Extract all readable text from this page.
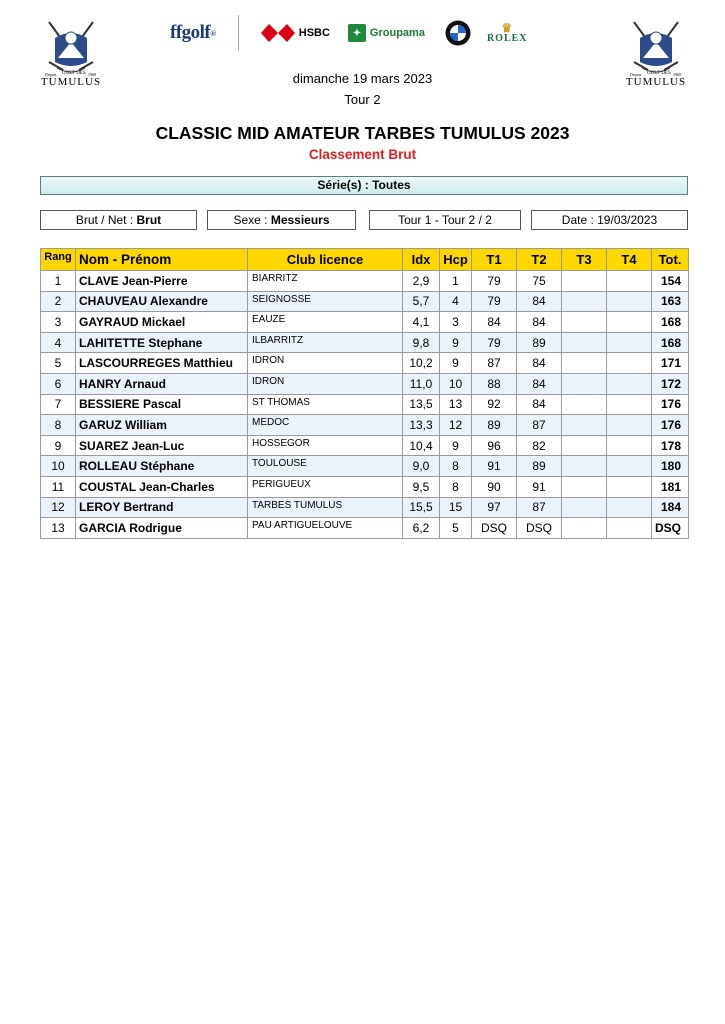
Depuis GOLF DES 1968
TUMULUS
ffgolf ®	HSBC	✦ Groupama	♛
ROLEX
Depuis GOLF DES 1968
TUMULUS
dimanche 19 mars 2023
Tour 2
CLASSIC MID AMATEUR TARBES TUMULUS 2023
Classement Brut
Série(s) : Toutes
Brut / Net : Brut	Sexe : Messieurs	Tour 1 - Tour 2 / 2	Date : 19/03/2023
Rang	Nom - Prénom	Club licence	Idx	Hcp	T1	T2	T3	T4	Tot.
1	CLAVE Jean-Pierre	BIARRITZ	2,9	1	79	75			154
2	CHAUVEAU Alexandre	SEIGNOSSE	5,7	4	79	84			163
3	GAYRAUD Mickael	EAUZE	4,1	3	84	84			168
4	LAHITETTE Stephane	ILBARRITZ	9,8	9	79	89			168
5	LASCOURREGES Matthieu	IDRON	10,2	9	87	84			171
6	HANRY Arnaud	IDRON	11,0	10	88	84			172
7	BESSIERE Pascal	ST THOMAS	13,5	13	92	84			176
8	GARUZ William	MEDOC	13,3	12	89	87			176
9	SUAREZ Jean-Luc	HOSSEGOR	10,4	9	96	82			178
10	ROLLEAU Stéphane	TOULOUSE	9,0	8	91	89			180
11	COUSTAL Jean-Charles	PERIGUEUX	9,5	8	90	91			181
12	LEROY Bertrand	TARBES TUMULUS	15,5	15	97	87			184
13	GARCIA Rodrigue	PAU ARTIGUELOUVE	6,2	5	DSQ	DSQ			DSQ
